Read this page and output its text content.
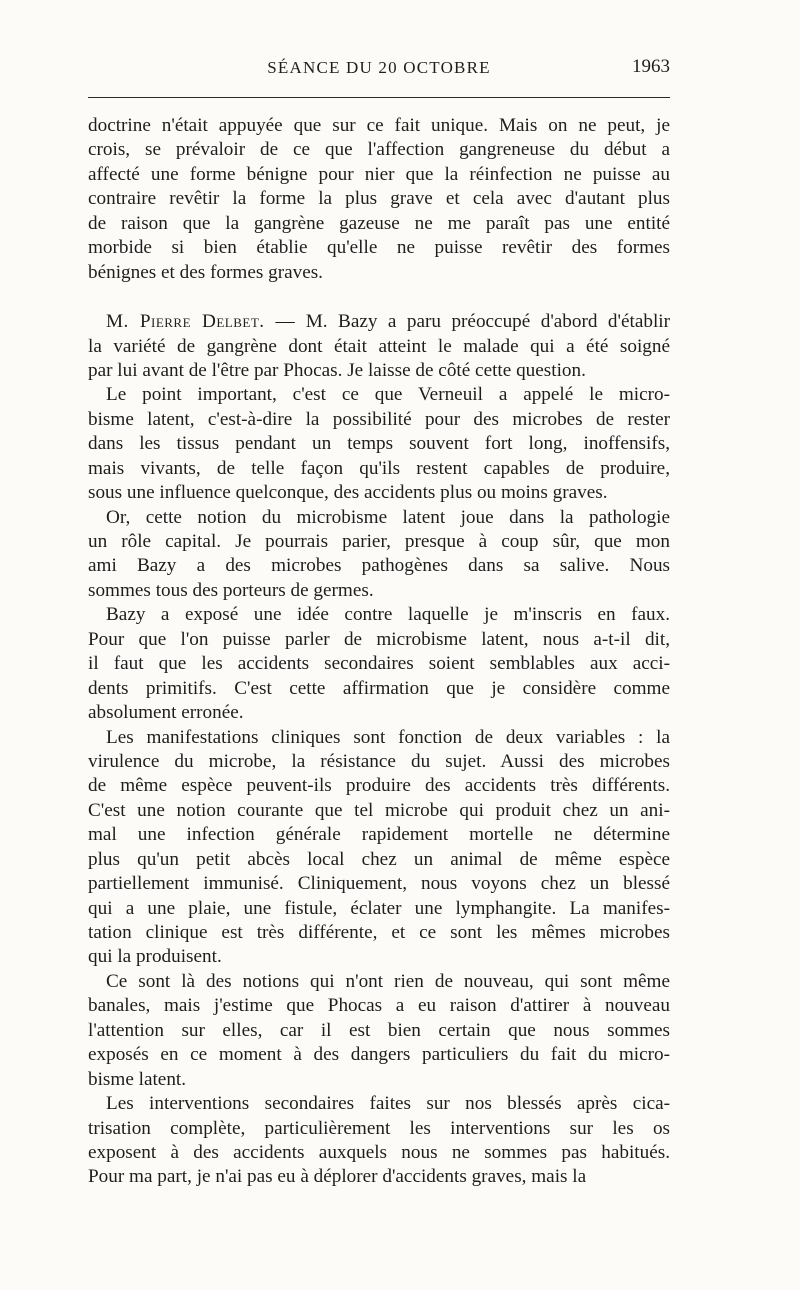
SÉANCE DU 20 OCTOBRE	1963

doctrine n'était appuyée que sur ce fait unique. Mais on ne peut, je
crois, se prévaloir de ce que l'affection gangreneuse du début a
affecté une forme bénigne pour nier que la réinfection ne puisse au
contraire revêtir la forme la plus grave et cela avec d'autant plus
de raison que la gangrène gazeuse ne me paraît pas une entité
morbide si bien établie qu'elle ne puisse revêtir des formes
bénignes et des formes graves.

M. Pierre Delbet. — M. Bazy a paru préoccupé d'abord d'établir
la variété de gangrène dont était atteint le malade qui a été soigné
par lui avant de l'être par Phocas. Je laisse de côté cette question.

Le point important, c'est ce que Verneuil a appelé le micro-
bisme latent, c'est-à-dire la possibilité pour des microbes de rester
dans les tissus pendant un temps souvent fort long, inoffensifs,
mais vivants, de telle façon qu'ils restent capables de produire,
sous une influence quelconque, des accidents plus ou moins graves.

Or, cette notion du microbisme latent joue dans la pathologie
un rôle capital. Je pourrais parier, presque à coup sûr, que mon
ami Bazy a des microbes pathogènes dans sa salive. Nous
sommes tous des porteurs de germes.

Bazy a exposé une idée contre laquelle je m'inscris en faux.
Pour que l'on puisse parler de microbisme latent, nous a-t-il dit,
il faut que les accidents secondaires soient semblables aux acci-
dents primitifs. C'est cette affirmation que je considère comme
absolument erronée.

Les manifestations cliniques sont fonction de deux variables : la
virulence du microbe, la résistance du sujet. Aussi des microbes
de même espèce peuvent-ils produire des accidents très différents.
C'est une notion courante que tel microbe qui produit chez un ani-
mal une infection générale rapidement mortelle ne détermine
plus qu'un petit abcès local chez un animal de même espèce
partiellement immunisé. Cliniquement, nous voyons chez un blessé
qui a une plaie, une fistule, éclater une lymphangite. La manifes-
tation clinique est très différente, et ce sont les mêmes microbes
qui la produisent.

Ce sont là des notions qui n'ont rien de nouveau, qui sont même
banales, mais j'estime que Phocas a eu raison d'attirer à nouveau
l'attention sur elles, car il est bien certain que nous sommes
exposés en ce moment à des dangers particuliers du fait du micro-
bisme latent.

Les interventions secondaires faites sur nos blessés après cica-
trisation complète, particulièrement les interventions sur les os
exposent à des accidents auxquels nous ne sommes pas habitués.
Pour ma part, je n'ai pas eu à déplorer d'accidents graves, mais la
